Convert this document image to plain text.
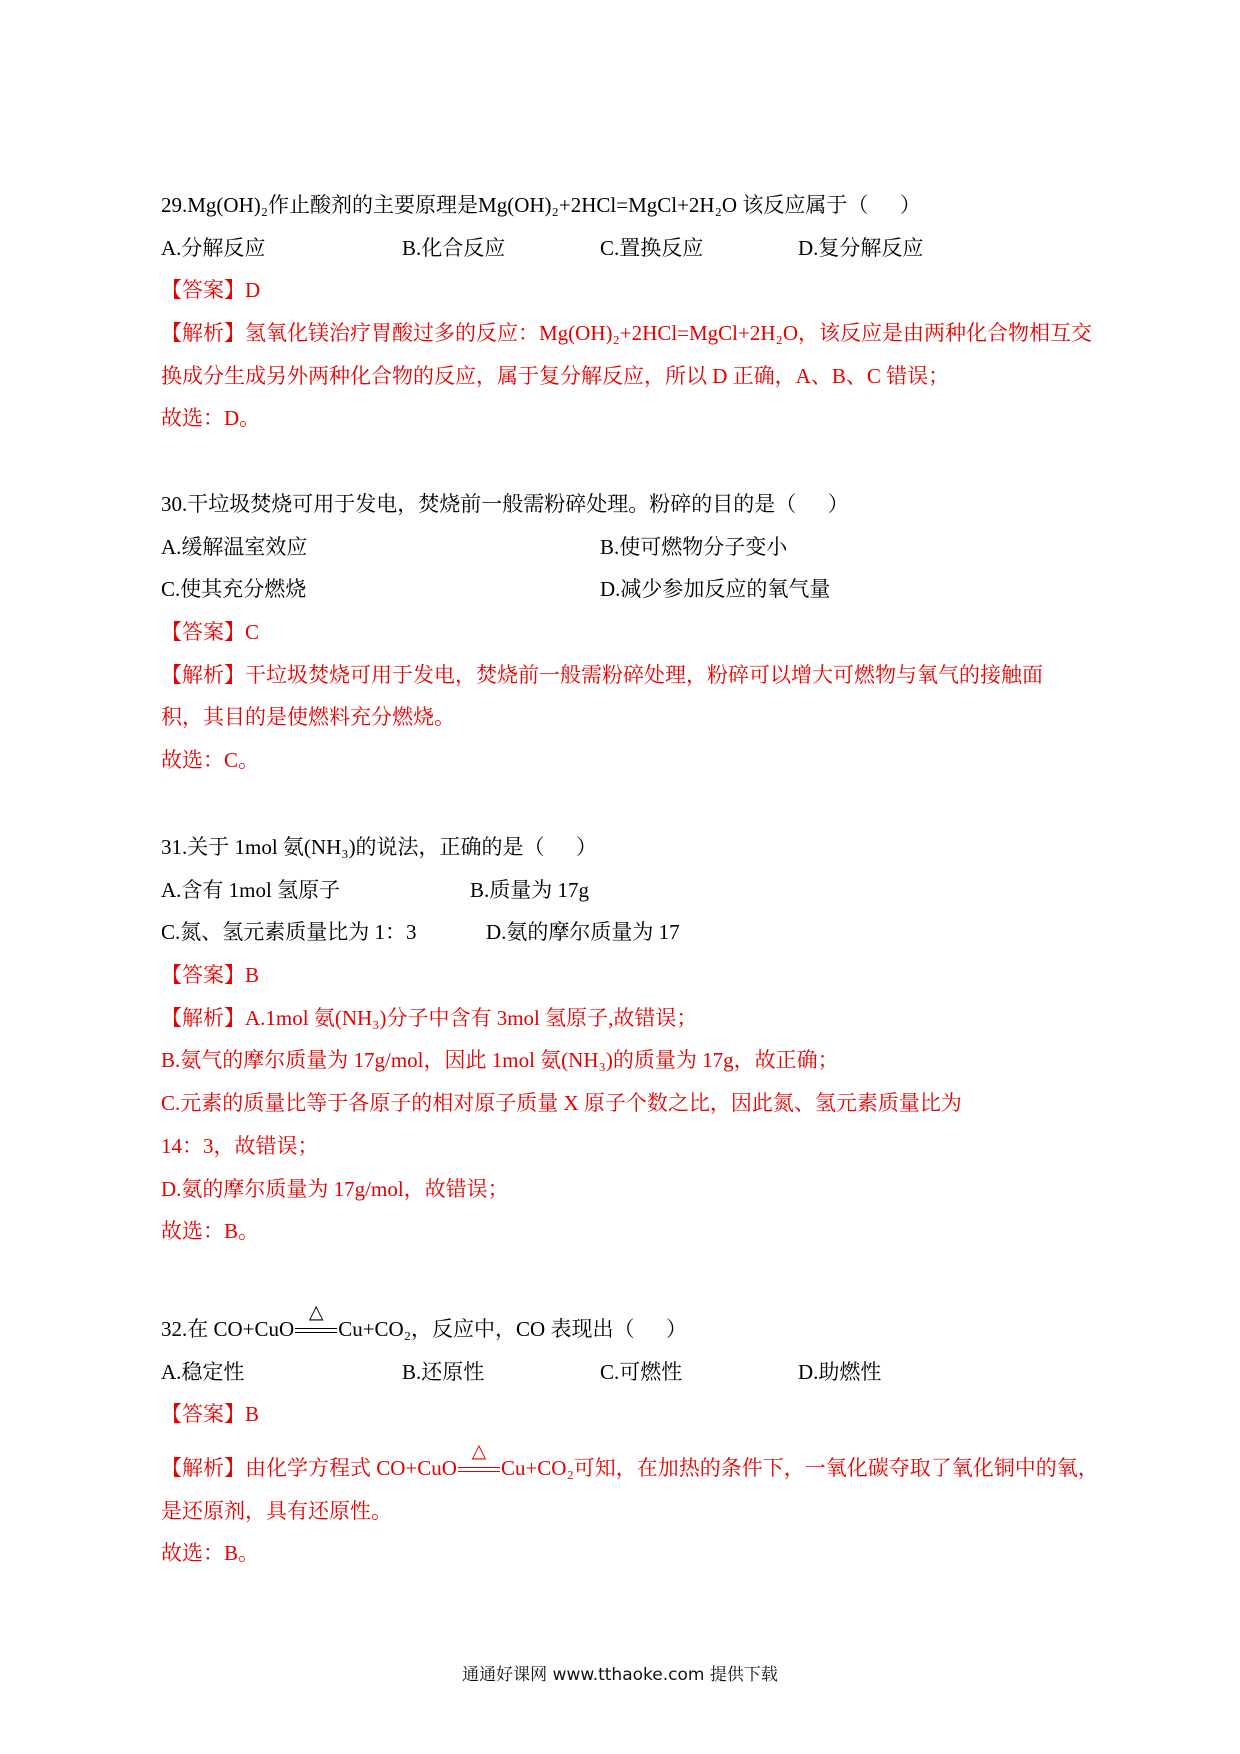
29.Mg(OH)₂作止酸剂的主要原理是Mg(OH)₂+2HCl=MgCl+2H₂O 该反应属于（      ）

A.分解反应

	B.化合反应

	C.置换反应

	D.复分解反应

【答案】D
【解析】氢氧化镁治疗胃酸过多的反应：Mg(OH)₂+2HCl=MgCl+2H₂O，该反应是由两种化合物相互交
换成分生成另外两种化合物的反应，属于复分解反应，所以 D 正确，A、B、C 错误；
故选：D。
30.干垃圾焚烧可用于发电，焚烧前一般需粉碎处理。粉碎的目的是（      ）

A.缓解温室效应

	B.使可燃物分子变小

C.使其充分燃烧

	D.减少参加反应的氧气量

【答案】C
【解析】干垃圾焚烧可用于发电，焚烧前一般需粉碎处理，粉碎可以增大可燃物与氧气的接触面
积，其目的是使燃料充分燃烧。
故选：C。
31.关于 1mol 氨(NH₃)的说法，正确的是（      ）

A.含有 1mol 氢原子

	B.质量为 17g

C.氮、氢元素质量比为 1：3

	D.氨的摩尔质量为 17

【答案】B
【解析】A.1mol 氨(NH₃)分子中含有 3mol 氢原子,故错误；
B.氨气的摩尔质量为 17g/mol，因此 1mol 氨(NH₃)的质量为 17g，故正确；
C.元素的质量比等于各原子的相对原子质量 X 原子个数之比，因此氮、氢元素质量比为
14：3，故错误；
D.氨的摩尔质量为 17g/mol，故错误；
故选：B。
32.在 CO+CuO
△
Cu+CO₂，反应中，CO 表现出（      ）

A.稳定性

	B.还原性

	C.可燃性

	D.助燃性

【答案】B
【解析】由化学方程式 CO+CuO
△
Cu+CO₂可知，在加热的条件下，一氧化碳夺取了氧化铜中的氧，
是还原剂，具有还原性。
故选：B。
通通好课网 www.tthaoke.com 提供下载
